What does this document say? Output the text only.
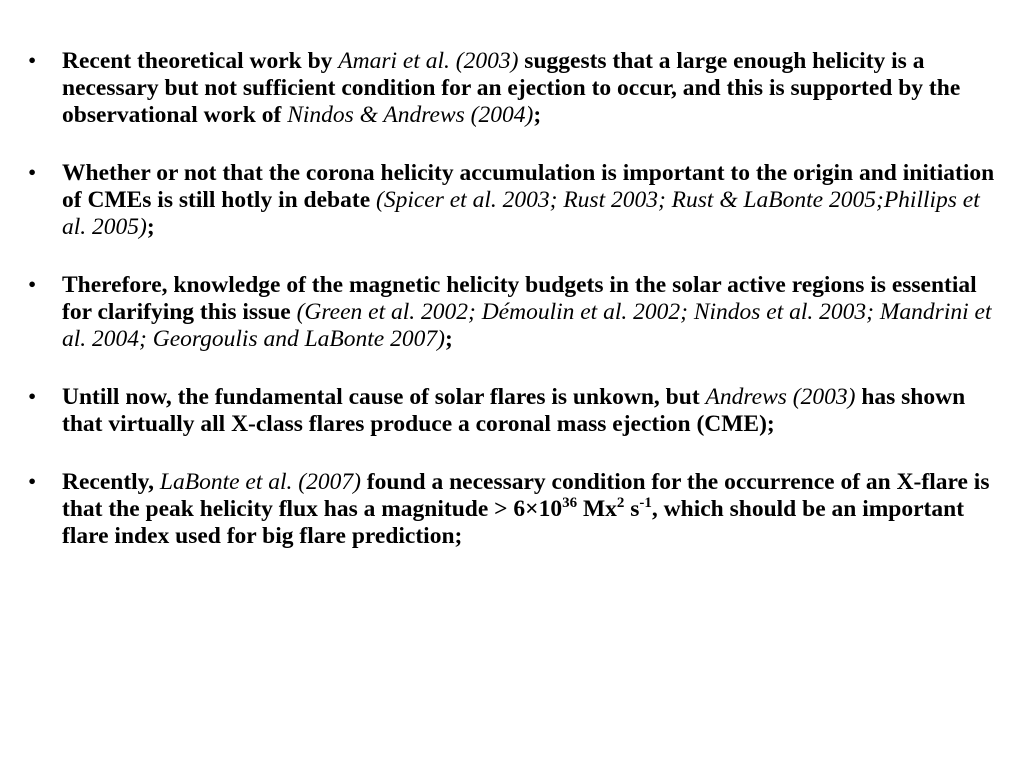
• Recent theoretical work by Amari et al. (2003) suggests that a large enough helicity is a necessary but not sufficient condition for an ejection to occur, and this is supported by the observational work of Nindos & Andrews (2004);
• Whether or not that the corona helicity accumulation is important to the origin and initiation of CMEs is still hotly in debate (Spicer et al. 2003; Rust 2003; Rust & LaBonte 2005;Phillips et al. 2005);
• Therefore, knowledge of the magnetic helicity budgets in the solar active regions is essential for clarifying this issue (Green et al. 2002; Démoulin et al. 2002; Nindos et al. 2003; Mandrini et al. 2004; Georgoulis and LaBonte 2007);
• Untill now, the fundamental cause of solar flares is unkown, but Andrews (2003) has shown that virtually all X-class flares produce a coronal mass ejection (CME);
• Recently, LaBonte et al. (2007) found a necessary condition for the occurrence of an X-flare is that the peak helicity flux has a magnitude > $6\times 10^{36}$ Mx$^2$ $s^{-1}$, which should be an important flare index used for big flare prediction;
